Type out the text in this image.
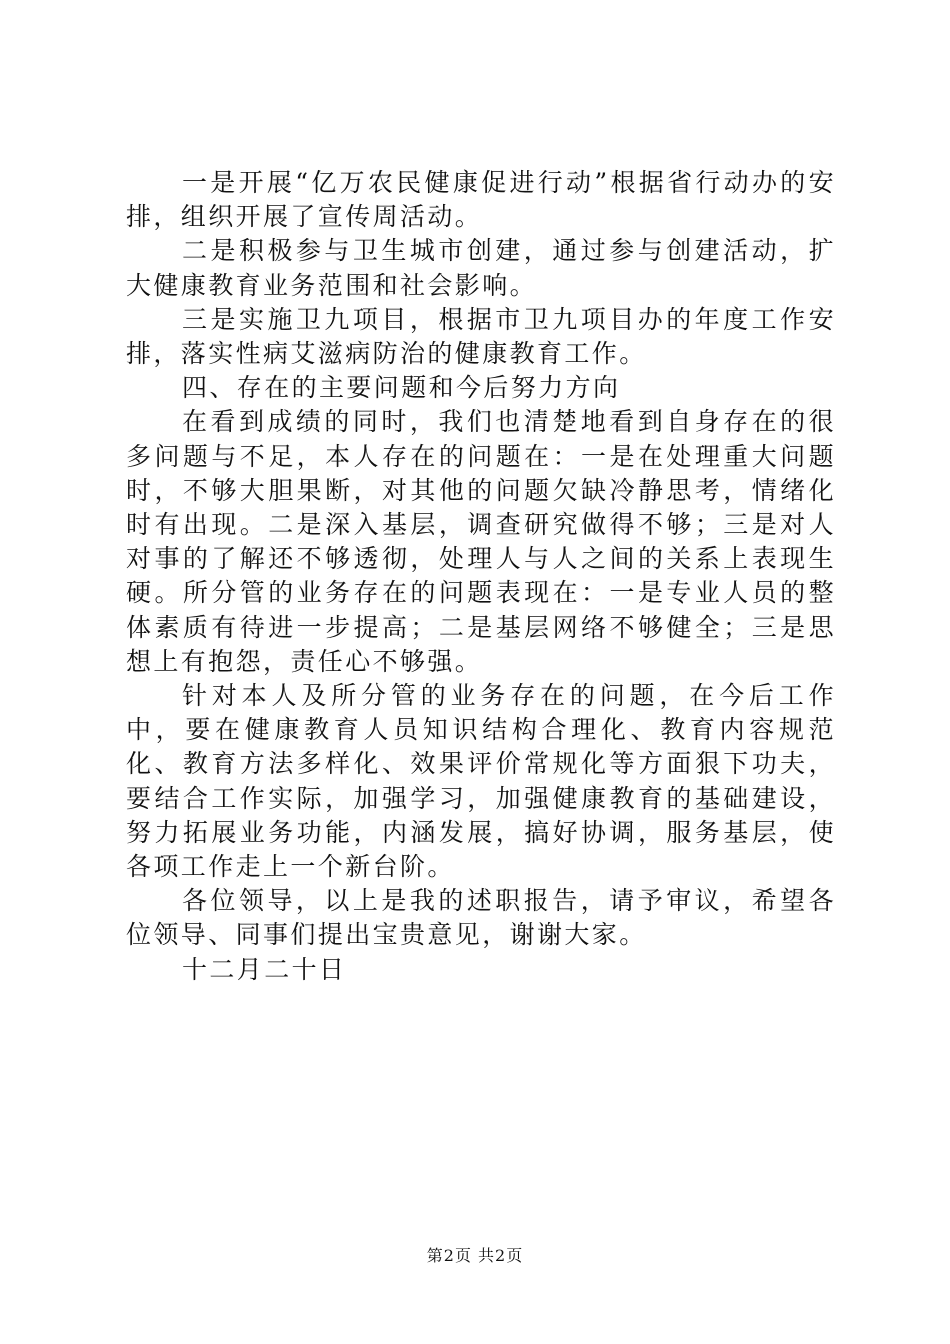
一是开展“亿万农民健康促进行动”根据省行动办的安排，组织开展了宣传周活动。

二是积极参与卫生城市创建，通过参与创建活动，扩大健康教育业务范围和社会影响。

三是实施卫九项目，根据市卫九项目办的年度工作安排，落实性病艾滋病防治的健康教育工作。

四、存在的主要问题和今后努力方向

在看到成绩的同时，我们也清楚地看到自身存在的很多问题与不足，本人存在的问题在：一是在处理重大问题时，不够大胆果断，对其他的问题欠缺冷静思考，情绪化时有出现。二是深入基层，调查研究做得不够；三是对人对事的了解还不够透彻，处理人与人之间的关系上表现生硬。所分管的业务存在的问题表现在：一是专业人员的整体素质有待进一步提高；二是基层网络不够健全；三是思想上有抱怨，责任心不够强。

针对本人及所分管的业务存在的问题，在今后工作中，要在健康教育人员知识结构合理化、教育内容规范化、教育方法多样化、效果评价常规化等方面狠下功夫，要结合工作实际，加强学习，加强健康教育的基础建设，努力拓展业务功能，内涵发展，搞好协调，服务基层，使各项工作走上一个新台阶。

各位领导，以上是我的述职报告，请予审议，希望各位领导、同事们提出宝贵意见，谢谢大家。

十二月二十日

第2页 共2页
